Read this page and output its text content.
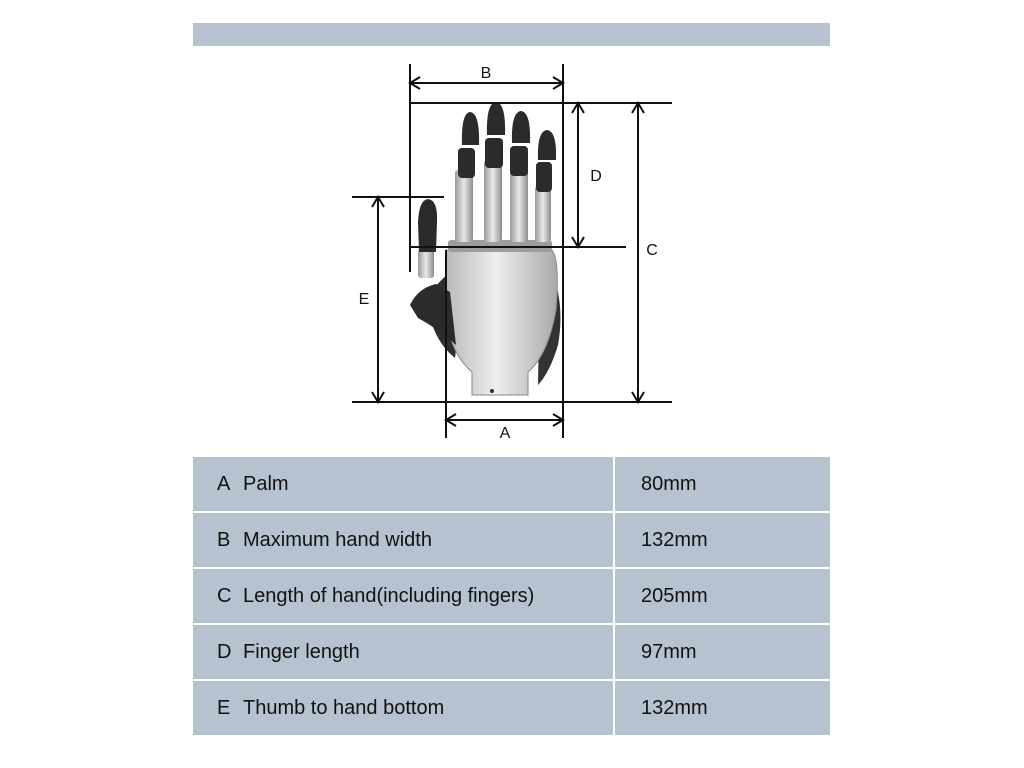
B
D
C
E
A
A Palm	80mm
B Maximum hand width	132mm
C Length of hand(including fingers)	205mm
D Finger length	97mm
E Thumb to hand bottom	132mm
